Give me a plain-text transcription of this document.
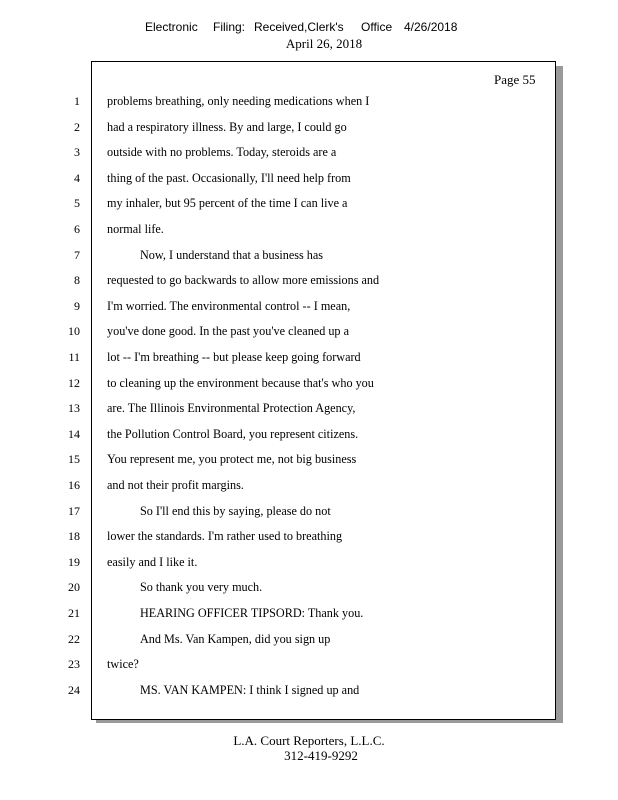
Electronic Filing: Received,Clerk's Office 4/26/2018
April 26, 2018
Page 55
1 problems breathing, only needing medications when I
2 had a respiratory illness. By and large, I could go
3 outside with no problems. Today, steroids are a
4 thing of the past. Occasionally, I'll need help from
5 my inhaler, but 95 percent of the time I can live a
6 normal life.
7	Now, I understand that a business has
8 requested to go backwards to allow more emissions and
9 I'm worried. The environmental control -- I mean,
10 you've done good. In the past you've cleaned up a
11 lot -- I'm breathing -- but please keep going forward
12 to cleaning up the environment because that's who you
13 are. The Illinois Environmental Protection Agency,
14 the Pollution Control Board, you represent citizens.
15 You represent me, you protect me, not big business
16 and not their profit margins.
17	So I'll end this by saying, please do not
18 lower the standards. I'm rather used to breathing
19 easily and I like it.
20	So thank you very much.
21	HEARING OFFICER TIPSORD: Thank you.
22	And Ms. Van Kampen, did you sign up
23 twice?
24	MS. VAN KAMPEN: I think I signed up and
L.A. Court Reporters, L.L.C.
312-419-9292
